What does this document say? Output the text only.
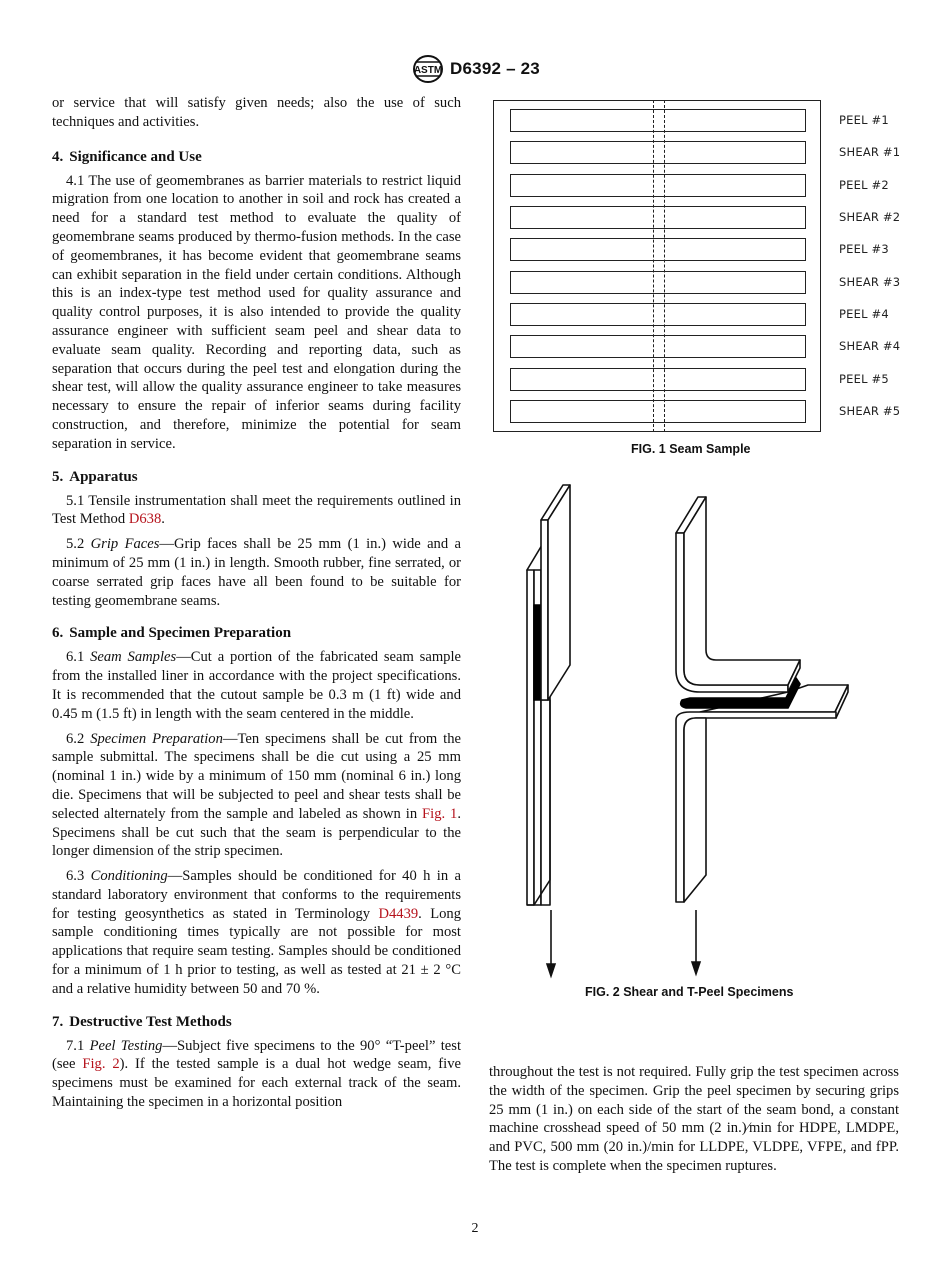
ASTM D6392 – 23

or service that will satisfy given needs; also the use of such techniques and activities.

4. Significance and Use

4.1 The use of geomembranes as barrier materials to restrict liquid migration from one location to another in soil and rock has created a need for a standard test method to evaluate the quality of geomembrane seams produced by thermo-fusion methods. In the case of geomembranes, it has become evident that geomembrane seams can exhibit separation in the field under certain conditions. Although this is an index-type test method used for quality assurance and quality control purposes, it is also intended to provide the quality assurance engineer with sufficient seam peel and shear data to evaluate seam quality. Recording and reporting data, such as separation that occurs during the peel test and elongation during the shear test, will allow the quality assurance engineer to take measures necessary to ensure the repair of inferior seams during facility construction, and therefore, minimize the potential for seam separation in service.

5. Apparatus

5.1 Tensile instrumentation shall meet the requirements outlined in Test Method D638.

5.2 Grip Faces—Grip faces shall be 25 mm (1 in.) wide and a minimum of 25 mm (1 in.) in length. Smooth rubber, fine serrated, or coarse serrated grip faces have all been found to be suitable for testing geomembrane seams.

6. Sample and Specimen Preparation

6.1 Seam Samples—Cut a portion of the fabricated seam sample from the installed liner in accordance with the project specifications. It is recommended that the cutout sample be 0.3 m (1 ft) wide and 0.45 m (1.5 ft) in length with the seam centered in the middle.

6.2 Specimen Preparation—Ten specimens shall be cut from the sample submittal. The specimens shall be die cut using a 25 mm (nominal 1 in.) wide by a minimum of 150 mm (nominal 6 in.) long die. Specimens that will be subjected to peel and shear tests shall be selected alternately from the sample and labeled as shown in Fig. 1. Specimens shall be cut such that the seam is perpendicular to the longer dimension of the strip specimen.

6.3 Conditioning—Samples should be conditioned for 40 h in a standard laboratory environment that conforms to the requirements for testing geosynthetics as stated in Terminology D4439. Long sample conditioning times typically are not possible for most applications that require seam testing. Samples should be conditioned for a minimum of 1 h prior to testing, as well as tested at 21 ± 2 °C and a relative humidity between 50 and 70 %.

7. Destructive Test Methods

7.1 Peel Testing—Subject five specimens to the 90° “T-peel” test (see Fig. 2). If the tested sample is a dual hot wedge seam, five specimens must be examined for each external track of the seam. Maintaining the specimen in a horizontal position

PEEL #1
SHEAR #1
PEEL #2
SHEAR #2
PEEL #3
SHEAR #3
PEEL #4
SHEAR #4
PEEL #5
SHEAR #5
FIG. 1 Seam Sample
FIG. 2 Shear and T-Peel Specimens

throughout the test is not required. Fully grip the test specimen across the width of the specimen. Grip the peel specimen by securing grips 25 mm (1 in.) on each side of the start of the seam bond, a constant machine crosshead speed of 50 mm (2 in.)⁄min for HDPE, LMDPE, and PVC, 500 mm (20 in.)/min for LLDPE, VLDPE, VFPE, and fPP. The test is complete when the specimen ruptures.

2
